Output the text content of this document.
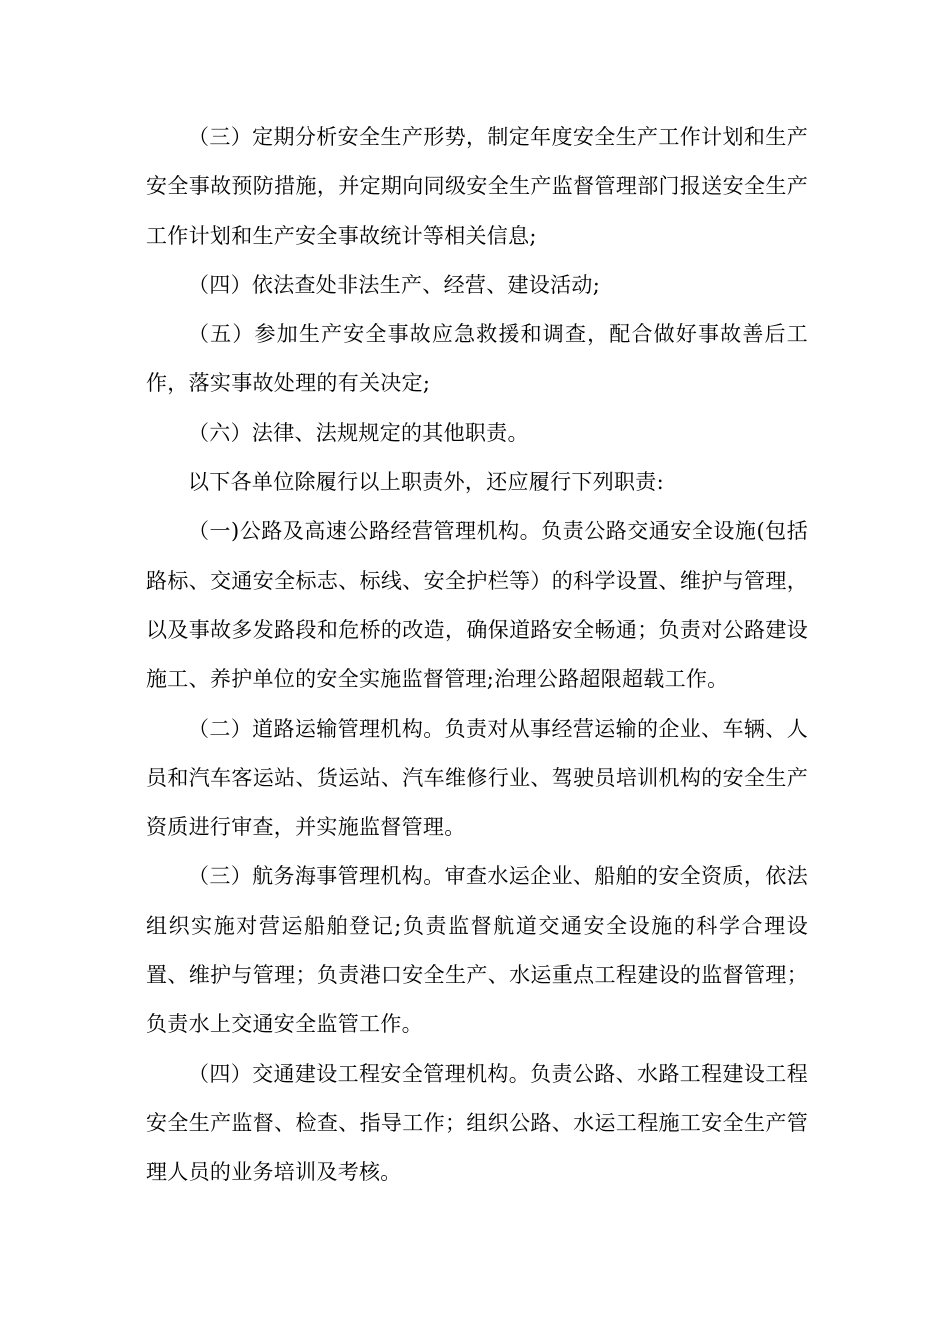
（三）定期分析安全生产形势，制定年度安全生产工作计划和生产安全事故预防措施，并定期向同级安全生产监督管理部门报送安全生产工作计划和生产安全事故统计等相关信息;

（四）依法查处非法生产、经营、建设活动;

（五）参加生产安全事故应急救援和调查，配合做好事故善后工作，落实事故处理的有关决定;

（六）法律、法规规定的其他职责。

以下各单位除履行以上职责外，还应履行下列职责:

（一)公路及高速公路经营管理机构。负责公路交通安全设施(包括路标、交通安全标志、标线、安全护栏等）的科学设置、维护与管理，以及事故多发路段和危桥的改造，确保道路安全畅通；负责对公路建设施工、养护单位的安全实施监督管理;治理公路超限超载工作。

（二）道路运输管理机构。负责对从事经营运输的企业、车辆、人员和汽车客运站、货运站、汽车维修行业、驾驶员培训机构的安全生产资质进行审查，并实施监督管理。

（三）航务海事管理机构。审查水运企业、船舶的安全资质，依法组织实施对营运船舶登记;负责监督航道交通安全设施的科学合理设置、维护与管理；负责港口安全生产、水运重点工程建设的监督管理；负责水上交通安全监管工作。

（四）交通建设工程安全管理机构。负责公路、水路工程建设工程安全生产监督、检查、指导工作；组织公路、水运工程施工安全生产管理人员的业务培训及考核。
